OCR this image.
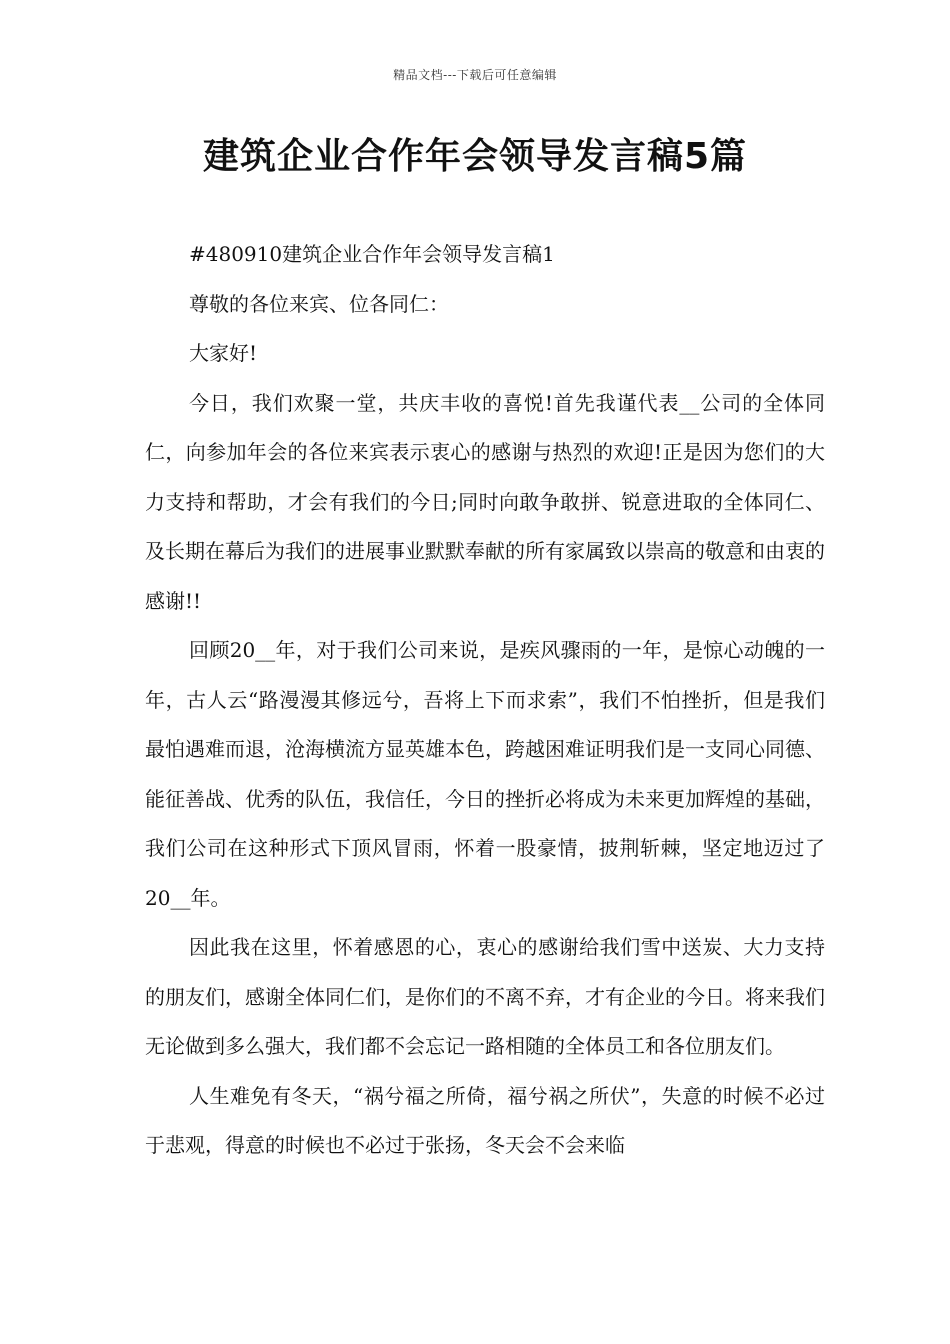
精品文档---下载后可任意编辑
建筑企业合作年会领导发言稿5篇

#480910建筑企业合作年会领导发言稿1

尊敬的各位来宾、位各同仁：

大家好!

今日，我们欢聚一堂，共庆丰收的喜悦!首先我谨代表__公司的全体同仁，向参加年会的各位来宾表示衷心的感谢与热烈的欢迎!正是因为您们的大力支持和帮助，才会有我们的今日;同时向敢争敢拼、锐意进取的全体同仁、及长期在幕后为我们的进展事业默默奉献的所有家属致以崇高的敬意和由衷的感谢!!

回顾20__年，对于我们公司来说，是疾风骤雨的一年，是惊心动魄的一年，古人云“路漫漫其修远兮，吾将上下而求索”，我们不怕挫折，但是我们最怕遇难而退，沧海横流方显英雄本色，跨越困难证明我们是一支同心同德、能征善战、优秀的队伍，我信任，今日的挫折必将成为未来更加辉煌的基础，我们公司在这种形式下顶风冒雨，怀着一股豪情，披荆斩棘，坚定地迈过了20__年。

因此我在这里，怀着感恩的心，衷心的感谢给我们雪中送炭、大力支持的朋友们，感谢全体同仁们，是你们的不离不弃，才有企业的今日。将来我们无论做到多么强大，我们都不会忘记一路相随的全体员工和各位朋友们。

人生难免有冬天，“祸兮福之所倚，福兮祸之所伏”，失意的时候不必过于悲观，得意的时候也不必过于张扬，冬天会不会来临
